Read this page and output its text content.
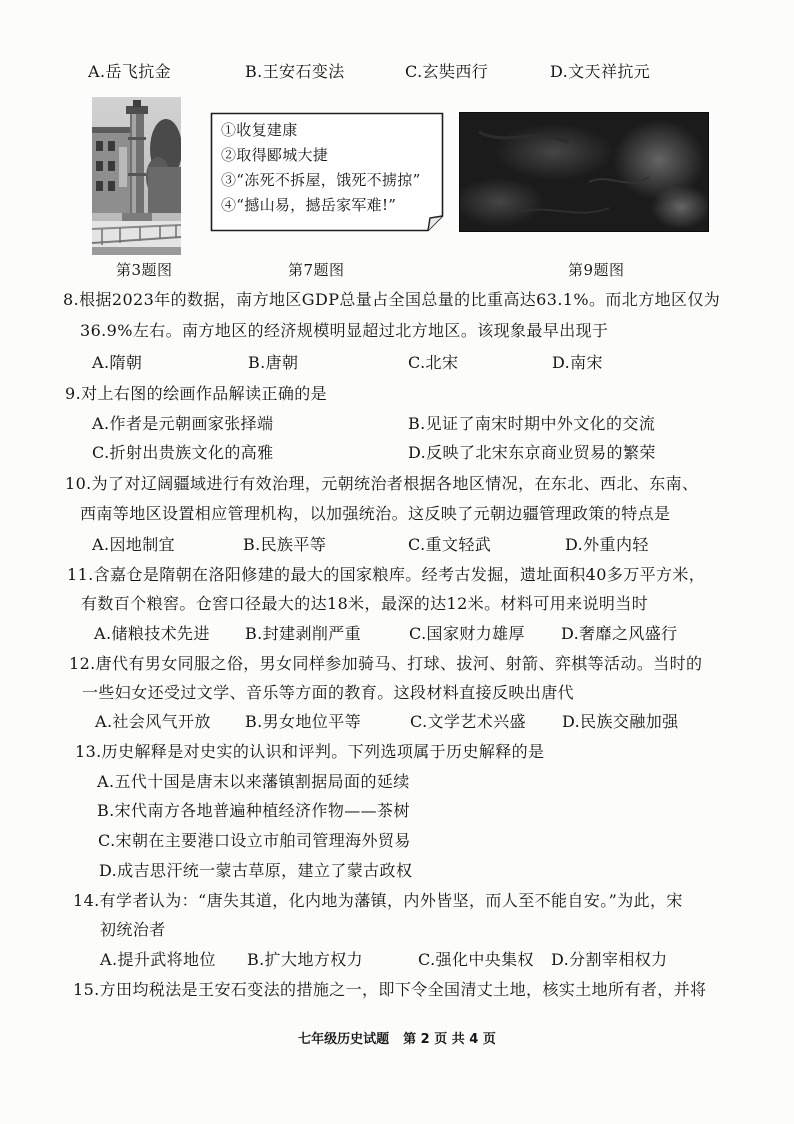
A.岳飞抗金	B.王安石变法	C.玄奘西行	D.文天祥抗元
①收复建康
②取得郾城大捷
③“冻死不拆屋，饿死不掳掠”
④“撼山易，撼岳家军难!”
第3题图	第7题图	第9题图
8.根据2023年的数据，南方地区GDP总量占全国总量的比重高达63.1%。而北方地区仅为
36.9%左右。南方地区的经济规模明显超过北方地区。该现象最早出现于
A.隋朝	B.唐朝	C.北宋	D.南宋
9.对上右图的绘画作品解读正确的是
A.作者是元朝画家张择端	B.见证了南宋时期中外文化的交流
C.折射出贵族文化的高雅	D.反映了北宋东京商业贸易的繁荣
10.为了对辽阔疆域进行有效治理，元朝统治者根据各地区情况，在东北、西北、东南、
西南等地区设置相应管理机构，以加强统治。这反映了元朝边疆管理政策的特点是
A.因地制宜	B.民族平等	C.重文轻武	D.外重内轻
11.含嘉仓是隋朝在洛阳修建的最大的国家粮库。经考古发掘，遗址面积40多万平方米，
有数百个粮窖。仓窖口径最大的达18米，最深的达12米。材料可用来说明当时
A.储粮技术先进 B.封建剥削严重	C.国家财力雄厚 D.奢靡之风盛行
12.唐代有男女同服之俗，男女同样参加骑马、打球、拔河、射箭、弈棋等活动。当时的
一些妇女还受过文学、音乐等方面的教育。这段材料直接反映出唐代
A.社会风气开放 B.男女地位平等	C.文学艺术兴盛 D.民族交融加强
13.历史解释是对史实的认识和评判。下列选项属于历史解释的是
A.五代十国是唐末以来藩镇割据局面的延续
B.宋代南方各地普遍种植经济作物——茶树
C.宋朝在主要港口设立市舶司管理海外贸易
D.成吉思汗统一蒙古草原，建立了蒙古政权
14.有学者认为：“唐失其道，化内地为藩镇，内外皆坚，而人至不能自安。”为此，宋
初统治者
A.提升武将地位 B.扩大地方权力	C.强化中央集权 D.分割宰相权力
15.方田均税法是王安石变法的措施之一，即下令全国清丈土地，核实土地所有者，并将
七年级历史试题 第 2 页 共 4 页
